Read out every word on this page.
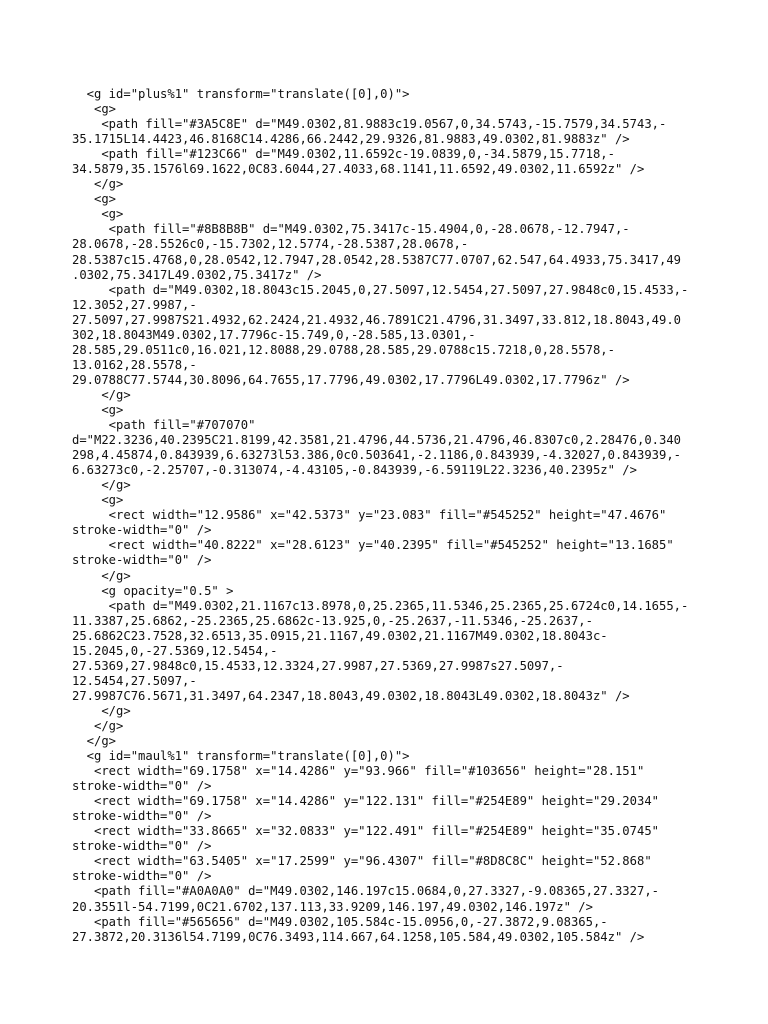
<g id="plus%1" transform="translate([0],0)">
<g>
<path fill="#3A5C8E" d="M49.0302,81.9883c19.0567,0,34.5743,-15.7579,34.5743,-
35.1715L14.4423,46.8168C14.4286,66.2442,29.9326,81.9883,49.0302,81.9883z" />
<path fill="#123C66" d="M49.0302,11.6592c-19.0839,0,-34.5879,15.7718,-
34.5879,35.1576l69.1622,0C83.6044,27.4033,68.1141,11.6592,49.0302,11.6592z" />
</g>
<g>
<g>
<path fill="#8B8B8B" d="M49.0302,75.3417c-15.4904,0,-28.0678,-12.7947,-
28.0678,-28.5526c0,-15.7302,12.5774,-28.5387,28.0678,-
28.5387c15.4768,0,28.0542,12.7947,28.0542,28.5387C77.0707,62.547,64.4933,75.3417,49
.0302,75.3417L49.0302,75.3417z" />
<path d="M49.0302,18.8043c15.2045,0,27.5097,12.5454,27.5097,27.9848c0,15.4533,-
12.3052,27.9987,-
27.5097,27.9987S21.4932,62.2424,21.4932,46.7891C21.4796,31.3497,33.812,18.8043,49.0
302,18.8043M49.0302,17.7796c-15.749,0,-28.585,13.0301,-
28.585,29.0511c0,16.021,12.8088,29.0788,28.585,29.0788c15.7218,0,28.5578,-
13.0162,28.5578,-
29.0788C77.5744,30.8096,64.7655,17.7796,49.0302,17.7796L49.0302,17.7796z" />
</g>
<g>
<path fill="#707070"
d="M22.3236,40.2395C21.8199,42.3581,21.4796,44.5736,21.4796,46.8307c0,2.28476,0.340
298,4.45874,0.843939,6.63273l53.386,0c0.503641,-2.1186,0.843939,-4.32027,0.843939,-
6.63273c0,-2.25707,-0.313074,-4.43105,-0.843939,-6.59119L22.3236,40.2395z" />
</g>
<g>
<rect width="12.9586" x="42.5373" y="23.083" fill="#545252" height="47.4676"
stroke-width="0" />
<rect width="40.8222" x="28.6123" y="40.2395" fill="#545252" height="13.1685"
stroke-width="0" />
</g>
<g opacity="0.5" >
<path d="M49.0302,21.1167c13.8978,0,25.2365,11.5346,25.2365,25.6724c0,14.1655,-
11.3387,25.6862,-25.2365,25.6862c-13.925,0,-25.2637,-11.5346,-25.2637,-
25.6862C23.7528,32.6513,35.0915,21.1167,49.0302,21.1167M49.0302,18.8043c-
15.2045,0,-27.5369,12.5454,-
27.5369,27.9848c0,15.4533,12.3324,27.9987,27.5369,27.9987s27.5097,-
12.5454,27.5097,-
27.9987C76.5671,31.3497,64.2347,18.8043,49.0302,18.8043L49.0302,18.8043z" />
</g>
</g>
</g>
<g id="maul%1" transform="translate([0],0)">
<rect width="69.1758" x="14.4286" y="93.966" fill="#103656" height="28.151"
stroke-width="0" />
<rect width="69.1758" x="14.4286" y="122.131" fill="#254E89" height="29.2034"
stroke-width="0" />
<rect width="33.8665" x="32.0833" y="122.491" fill="#254E89" height="35.0745"
stroke-width="0" />
<rect width="63.5405" x="17.2599" y="96.4307" fill="#8D8C8C" height="52.868"
stroke-width="0" />
<path fill="#A0A0A0" d="M49.0302,146.197c15.0684,0,27.3327,-9.08365,27.3327,-
20.3551l-54.7199,0C21.6702,137.113,33.9209,146.197,49.0302,146.197z" />
<path fill="#565656" d="M49.0302,105.584c-15.0956,0,-27.3872,9.08365,-
27.3872,20.3136l54.7199,0C76.3493,114.667,64.1258,105.584,49.0302,105.584z" />
